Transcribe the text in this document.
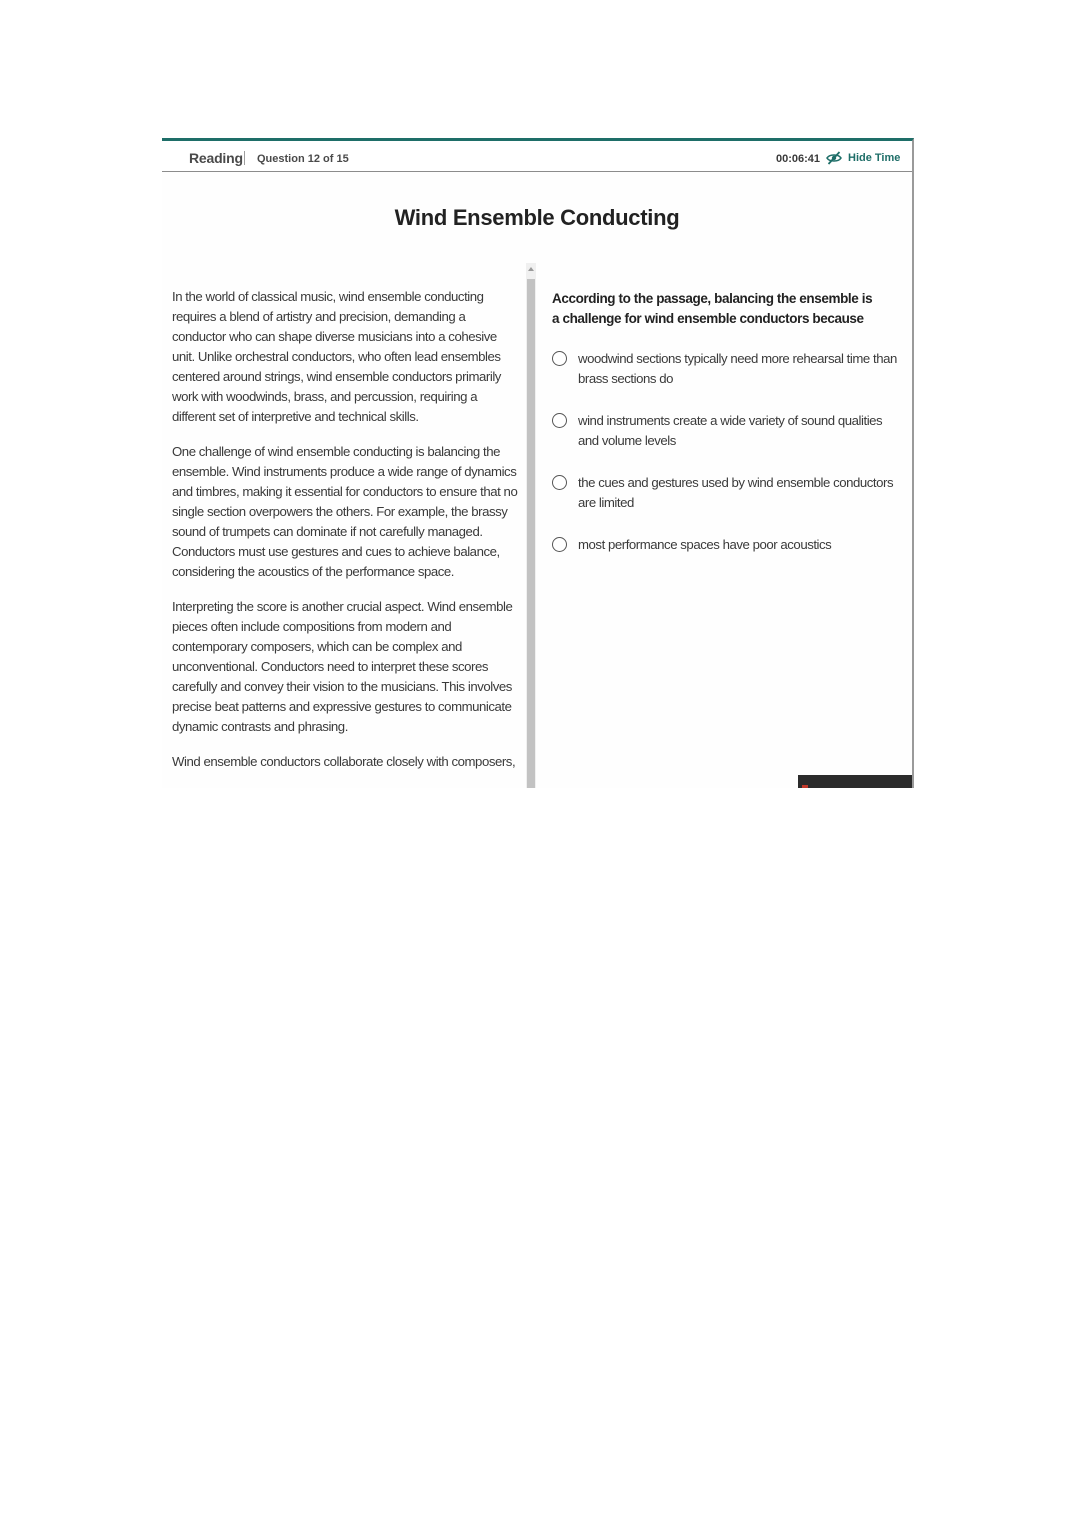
Reading Question 12 of 15	00:06:41	Hide Time
Wind Ensemble Conducting

In the world of classical music, wind ensemble conducting requires a blend of artistry and precision, demanding a conductor who can shape diverse musicians into a cohesive unit. Unlike orchestral conductors, who often lead ensembles centered around strings, wind ensemble conductors primarily work with woodwinds, brass, and percussion, requiring a different set of interpretive and technical skills.

One challenge of wind ensemble conducting is balancing the ensemble. Wind instruments produce a wide range of dynamics and timbres, making it essential for conductors to ensure that no single section overpowers the others. For example, the brassy sound of trumpets can dominate if not carefully managed. Conductors must use gestures and cues to achieve balance, considering the acoustics of the performance space.

Interpreting the score is another crucial aspect. Wind ensemble pieces often include compositions from modern and contemporary composers, which can be complex and unconventional. Conductors need to interpret these scores carefully and convey their vision to the musicians. This involves precise beat patterns and expressive gestures to communicate dynamic contrasts and phrasing.

Wind ensemble conductors collaborate closely with composers,

According to the passage, balancing the ensemble is a challenge for wind ensemble conductors because
woodwind sections typically need more rehearsal time than brass sections do
wind instruments create a wide variety of sound qualities and volume levels
the cues and gestures used by wind ensemble conductors are limited
most performance spaces have poor acoustics
